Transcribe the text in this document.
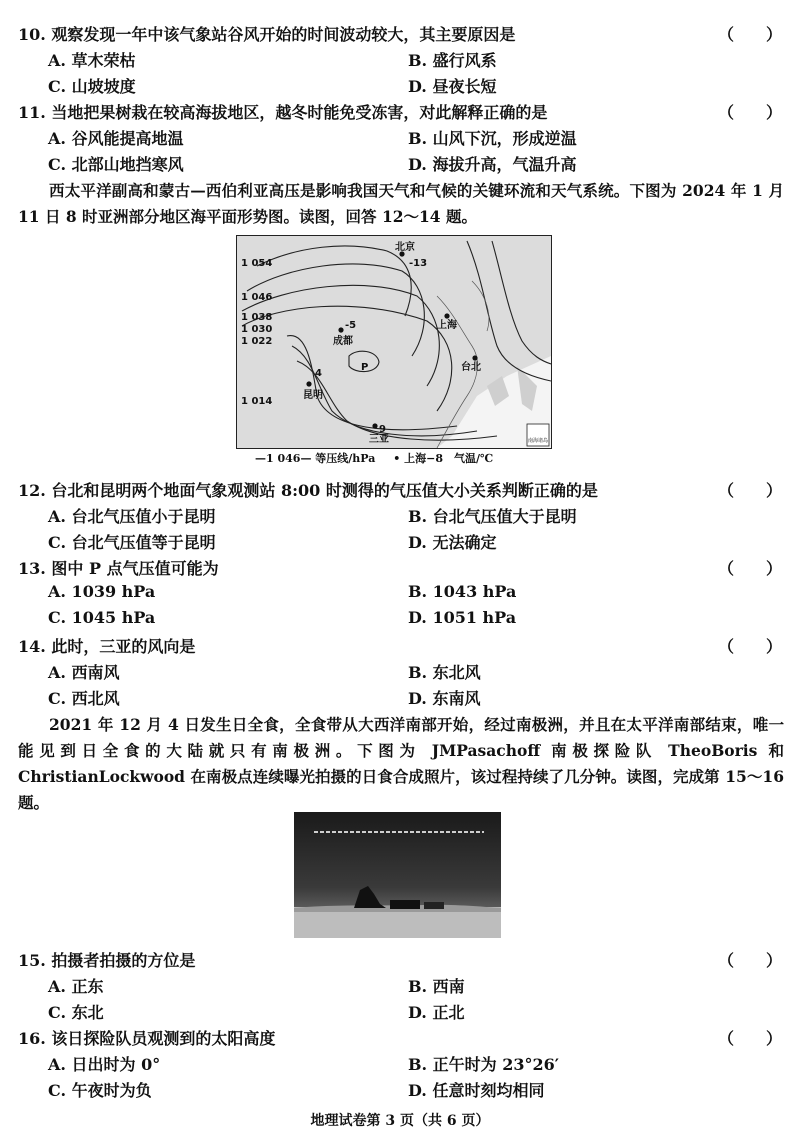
10. 观察发现一年中该气象站谷风开始的时间波动较大，其主要原因是	（　　）
A. 草木荣枯	B. 盛行风系
C. 山坡坡度	D. 昼夜长短
11. 当地把果树栽在较高海拔地区，越冬时能免受冻害，对此解释正确的是	（　　）
A. 谷风能提高地温	B. 山风下沉，形成逆温
C. 北部山地挡寒风	D. 海拔升高，气温升高
西太平洋副高和蒙古—西伯利亚高压是影响我国天气和气候的关键环流和天气系统。下图为 2024 年 1 月 11 日 8 时亚洲部分地区海平面形势图。读图，回答 12～14 题。
北京
-13
上海
-5
成都
4
昆明
台北
P
9
三亚
1 054
1 046
1 038
1 030
1 022
1 014
南海诸岛
—1 046— 等压线/hPa • 上海−8　气温/℃
12. 台北和昆明两个地面气象观测站 8:00 时测得的气压值大小关系判断正确的是	（　　）
A. 台北气压值小于昆明	B. 台北气压值大于昆明
C. 台北气压值等于昆明	D. 无法确定
13. 图中 P 点气压值可能为	（　　）
A. 1039 hPa	B. 1043 hPa
C. 1045 hPa	D. 1051 hPa
14. 此时，三亚的风向是	（　　）
A. 西南风	B. 东北风
C. 西北风	D. 东南风
2021 年 12 月 4 日发生日全食，全食带从大西洋南部开始，经过南极洲，并且在太平洋南部结束，唯一能见到日全食的大陆就只有南极洲。下图为 JMPasachoff 南极探险队 TheoBoris 和 ChristianLockwood 在南极点连续曝光拍摄的日食合成照片，该过程持续了几分钟。读图，完成第 15～16 题。
15. 拍摄者拍摄的方位是	（　　）
A. 正东	B. 西南
C. 东北	D. 正北
16. 该日探险队员观测到的太阳高度	（　　）
A. 日出时为 0°	B. 正午时为 23°26′
C. 午夜时为负	D. 任意时刻均相同
地理试卷第 3 页（共 6 页）
